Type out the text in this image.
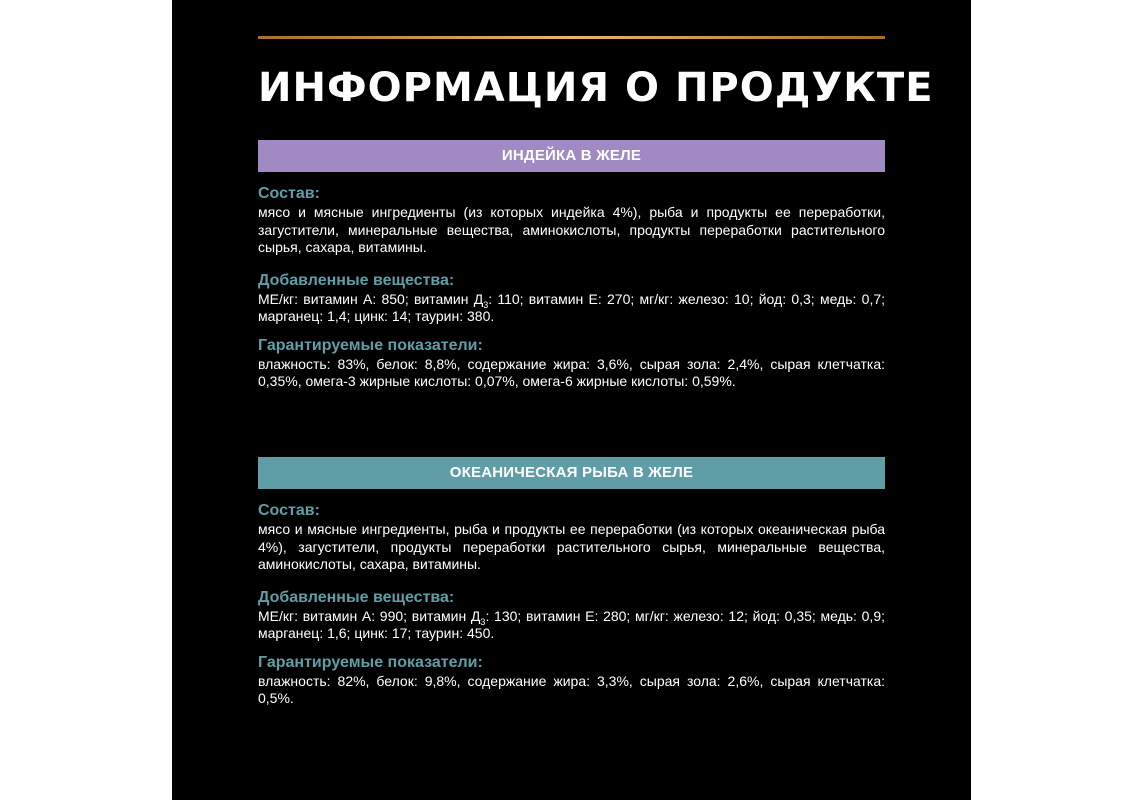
ИНФОРМАЦИЯ О ПРОДУКТЕ
ИНДЕЙКА В ЖЕЛЕ
Состав:
мясо и мясные ингредиенты (из которых индейка 4%), рыба и продукты ее переработки, загустители, минеральные вещества, аминокислоты, продукты переработки растительного сырья, сахара, витамины.
Добавленные вещества:
МЕ/кг: витамин А: 850; витамин $Д_3$: 110; витамин Е: 270; мг/кг: железо: 10; йод: 0,3; медь: 0,7; марганец: 1,4; цинк: 14; таурин: 380.
Гарантируемые показатели:
влажность: 83%, белок: 8,8%, содержание жира: 3,6%, сырая зола: 2,4%, сырая клетчатка: 0,35%, омега-3 жирные кислоты: 0,07%, омега-6 жирные кислоты: 0,59%.
ОКЕАНИЧЕСКАЯ РЫБА В ЖЕЛЕ
Состав:
мясо и мясные ингредиенты, рыба и продукты ее переработки (из которых океаническая рыба 4%), загустители, продукты переработки растительного сырья, минеральные вещества, аминокислоты, сахара, витамины.
Добавленные вещества:
МЕ/кг: витамин А: 990; витамин $Д_3$: 130; витамин Е: 280; мг/кг: железо: 12; йод: 0,35; медь: 0,9; марганец: 1,6; цинк: 17; таурин: 450.
Гарантируемые показатели:
влажность: 82%, белок: 9,8%, содержание жира: 3,3%, сырая зола: 2,6%, сырая клетчатка: 0,5%.
